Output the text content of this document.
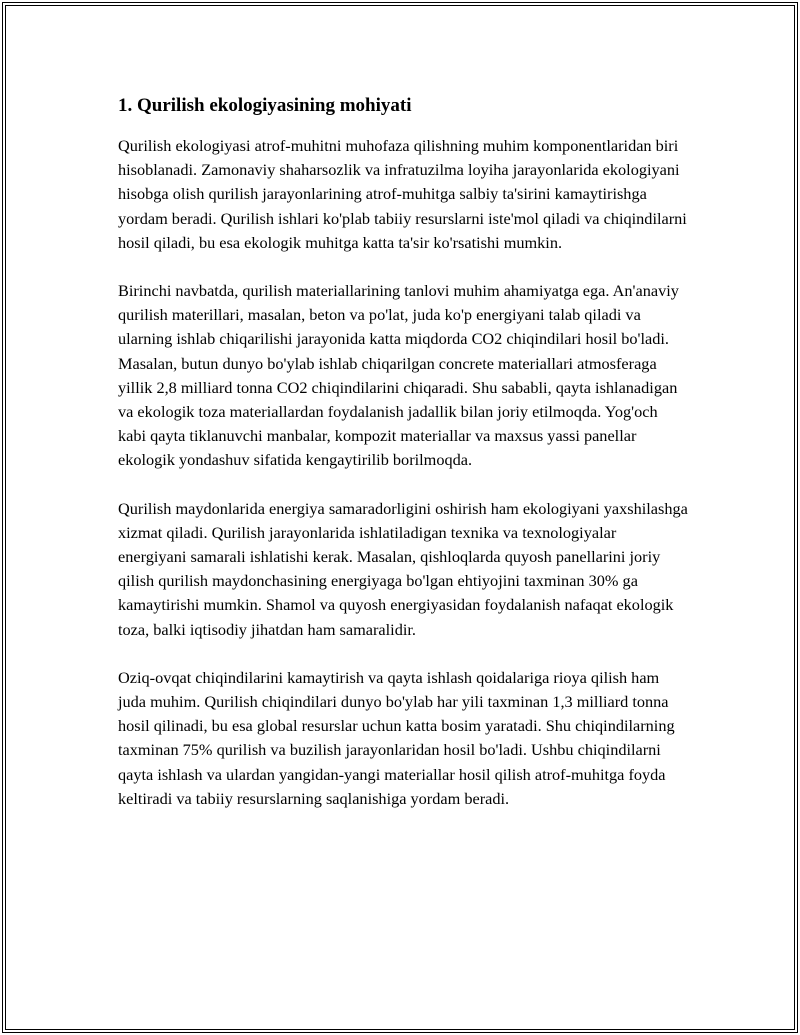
1. Qurilish ekologiyasining mohiyati

Qurilish ekologiyasi atrof-muhitni muhofaza qilishning muhim komponentlaridan biri hisoblanadi. Zamonaviy shaharsozlik va infratuzilma loyiha jarayonlarida ekologiyani hisobga olish qurilish jarayonlarining atrof-muhitga salbiy ta'sirini kamaytirishga yordam beradi. Qurilish ishlari ko'plab tabiiy resurslarni iste'mol qiladi va chiqindilarni hosil qiladi, bu esa ekologik muhitga katta ta'sir ko'rsatishi mumkin.

Birinchi navbatda, qurilish materiallarining tanlovi muhim ahamiyatga ega. An'anaviy qurilish materillari, masalan, beton va po'lat, juda ko'p energiyani talab qiladi va ularning ishlab chiqarilishi jarayonida katta miqdorda CO2 chiqindilari hosil bo'ladi. Masalan, butun dunyo bo'ylab ishlab chiqarilgan concrete materiallari atmosferaga yillik 2,8 milliard tonna CO2 chiqindilarini chiqaradi. Shu sababli, qayta ishlanadigan va ekologik toza materiallardan foydalanish jadallik bilan joriy etilmoqda. Yog'och kabi qayta tiklanuvchi manbalar, kompozit materiallar va maxsus yassi panellar ekologik yondashuv sifatida kengaytirilib borilmoqda.

Qurilish maydonlarida energiya samaradorligini oshirish ham ekologiyani yaxshilashga xizmat qiladi. Qurilish jarayonlarida ishlatiladigan texnika va texnologiyalar energiyani samarali ishlatishi kerak. Masalan, qishloqlarda quyosh panellarini joriy qilish qurilish maydonchasining energiyaga bo'lgan ehtiyojini taxminan 30% ga kamaytirishi mumkin. Shamol va quyosh energiyasidan foydalanish nafaqat ekologik toza, balki iqtisodiy jihatdan ham samaralidir.

Oziq-ovqat chiqindilarini kamaytirish va qayta ishlash qoidalariga rioya qilish ham juda muhim. Qurilish chiqindilari dunyo bo'ylab har yili taxminan 1,3 milliard tonna hosil qilinadi, bu esa global resurslar uchun katta bosim yaratadi. Shu chiqindilarning taxminan 75% qurilish va buzilish jarayonlaridan hosil bo'ladi. Ushbu chiqindilarni qayta ishlash va ulardan yangidan-yangi materiallar hosil qilish atrof-muhitga foyda keltiradi va tabiiy resurslarning saqlanishiga yordam beradi.
